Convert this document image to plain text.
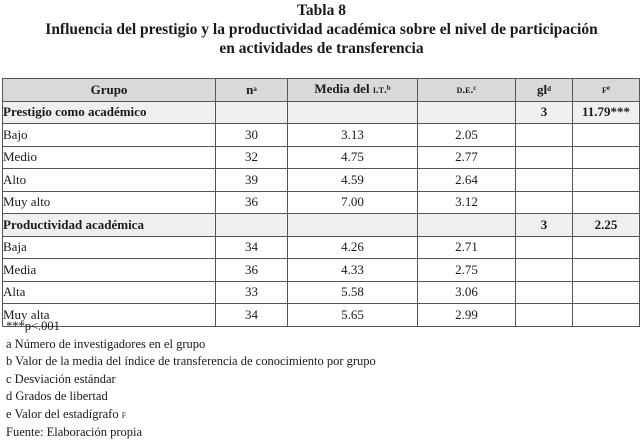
Tabla 8
Influencia del prestigio y la productividad académica sobre el nivel de participación
en actividades de transferencia
Grupo	$n^a$	Media del i.t.$^b$	d.e.$^c$	$gl^d$	$f^e$
Prestigio como académico				3	11.79***
Bajo	30	3.13	2.05		
Medio	32	4.75	2.77		
Alto	39	4.59	2.64		
Muy alto	36	7.00	3.12		
Productividad académica				3	2.25
Baja	34	4.26	2.71		
Media	36	4.33	2.75		
Alta	33	5.58	3.06		
Muy alta	34	5.65	2.99		
***p<.001
a Número de investigadores en el grupo
b Valor de la media del índice de transferencia de conocimiento por grupo
c Desviación estándar
d Grados de libertad
e Valor del estadígrafo f
Fuente: Elaboración propia
